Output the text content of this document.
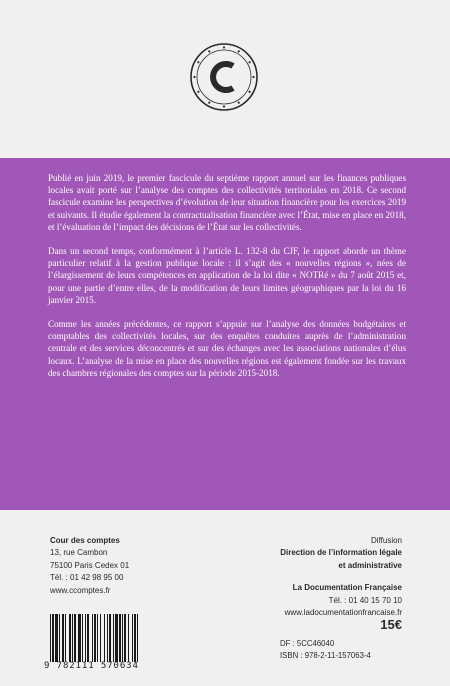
Publié en juin 2019, le premier fascicule du septième rapport annuel sur les finances publiques locales avait porté sur l’analyse des comptes des collectivités territoriales en 2018. Ce second fascicule examine les perspectives d’évolution de leur situation financière pour les exercices 2019 et suivants. Il étudie également la contractualisation financière avec l’État, mise en place en 2018, et l’évaluation de l’impact des décisions de l’État sur les collectivités.

Dans un second temps, conformément à l’article L. 132-8 du CJF, le rapport aborde un thème particulier relatif à la gestion publique locale : il s’agit des « nouvelles régions », nées de l’élargissement de leurs compétences en application de la loi dite « NOTRé » du 7 août 2015 et, pour une partie d’entre elles, de la modification de leurs limites géographiques par la loi du 16 janvier 2015.

Comme les années précédentes, ce rapport s’appuie sur l’analyse des données budgétaires et comptables des collectivités locales, sur des enquêtes conduites auprès de l’administration centrale et des services déconcentrés et sur des échanges avec les associations nationales d’élus locaux. L’analyse de la mise en place des nouvelles régions est également fondée sur les travaux des chambres régionales des comptes sur la période 2015-2018.

Cour des comptes
13, rue Cambon
75100 Paris Cedex 01
Tél. : 01 42 98 95 00
www.ccomptes.fr
Diffusion
Direction de l’information légale
et administrative
La Documentation Française
Tél. : 01 40 15 70 10
www.ladocumentationfrancaise.fr
15€
DF : 5CC46040
ISBN : 978-2-11-157063-4
9 782111 570634
